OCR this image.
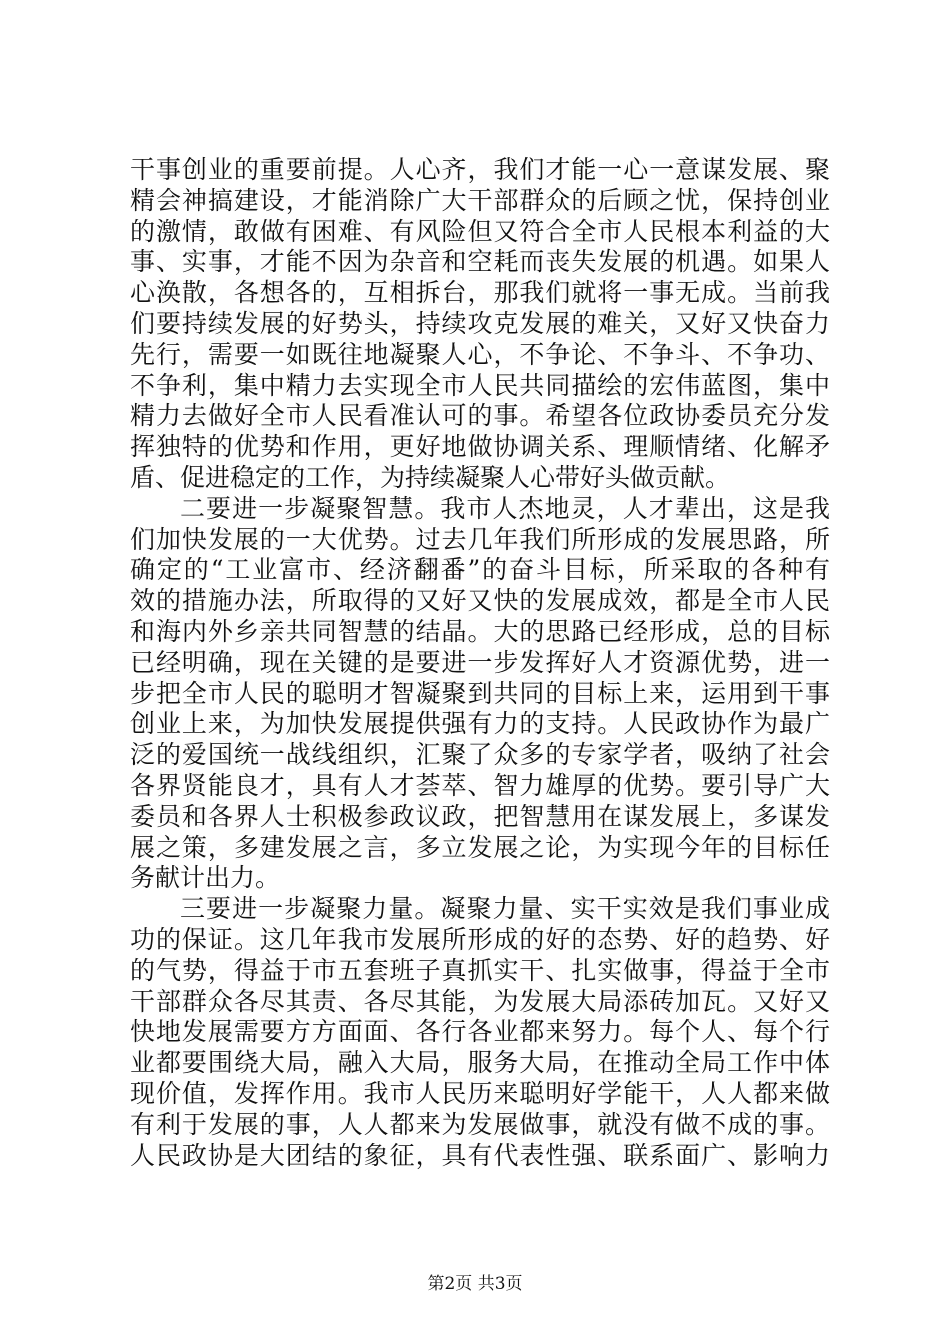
干事创业的重要前提。人心齐，我们才能一心一意谋发展、聚
精会神搞建设，才能消除广大干部群众的后顾之忧，保持创业
的激情，敢做有困难、有风险但又符合全市人民根本利益的大
事、实事，才能不因为杂音和空耗而丧失发展的机遇。如果人
心涣散，各想各的，互相拆台，那我们就将一事无成。当前我
们要持续发展的好势头，持续攻克发展的难关，又好又快奋力
先行，需要一如既往地凝聚人心，不争论、不争斗、不争功、
不争利，集中精力去实现全市人民共同描绘的宏伟蓝图，集中
精力去做好全市人民看准认可的事。希望各位政协委员充分发
挥独特的优势和作用，更好地做协调关系、理顺情绪、化解矛
盾、促进稳定的工作，为持续凝聚人心带好头做贡献。
二要进一步凝聚智慧。我市人杰地灵，人才辈出，这是我
们加快发展的一大优势。过去几年我们所形成的发展思路，所
确定的“工业富市、经济翻番”的奋斗目标，所采取的各种有
效的措施办法，所取得的又好又快的发展成效，都是全市人民
和海内外乡亲共同智慧的结晶。大的思路已经形成，总的目标
已经明确，现在关键的是要进一步发挥好人才资源优势，进一
步把全市人民的聪明才智凝聚到共同的目标上来，运用到干事
创业上来，为加快发展提供强有力的支持。人民政协作为最广
泛的爱国统一战线组织，汇聚了众多的专家学者，吸纳了社会
各界贤能良才，具有人才荟萃、智力雄厚的优势。要引导广大
委员和各界人士积极参政议政，把智慧用在谋发展上，多谋发
展之策，多建发展之言，多立发展之论，为实现今年的目标任
务献计出力。
三要进一步凝聚力量。凝聚力量、实干实效是我们事业成
功的保证。这几年我市发展所形成的好的态势、好的趋势、好
的气势，得益于市五套班子真抓实干、扎实做事，得益于全市
干部群众各尽其责、各尽其能，为发展大局添砖加瓦。又好又
快地发展需要方方面面、各行各业都来努力。每个人、每个行
业都要围绕大局，融入大局，服务大局，在推动全局工作中体
现价值，发挥作用。我市人民历来聪明好学能干，人人都来做
有利于发展的事，人人都来为发展做事，就没有做不成的事。
人民政协是大团结的象征，具有代表性强、联系面广、影响力
第2页 共3页
